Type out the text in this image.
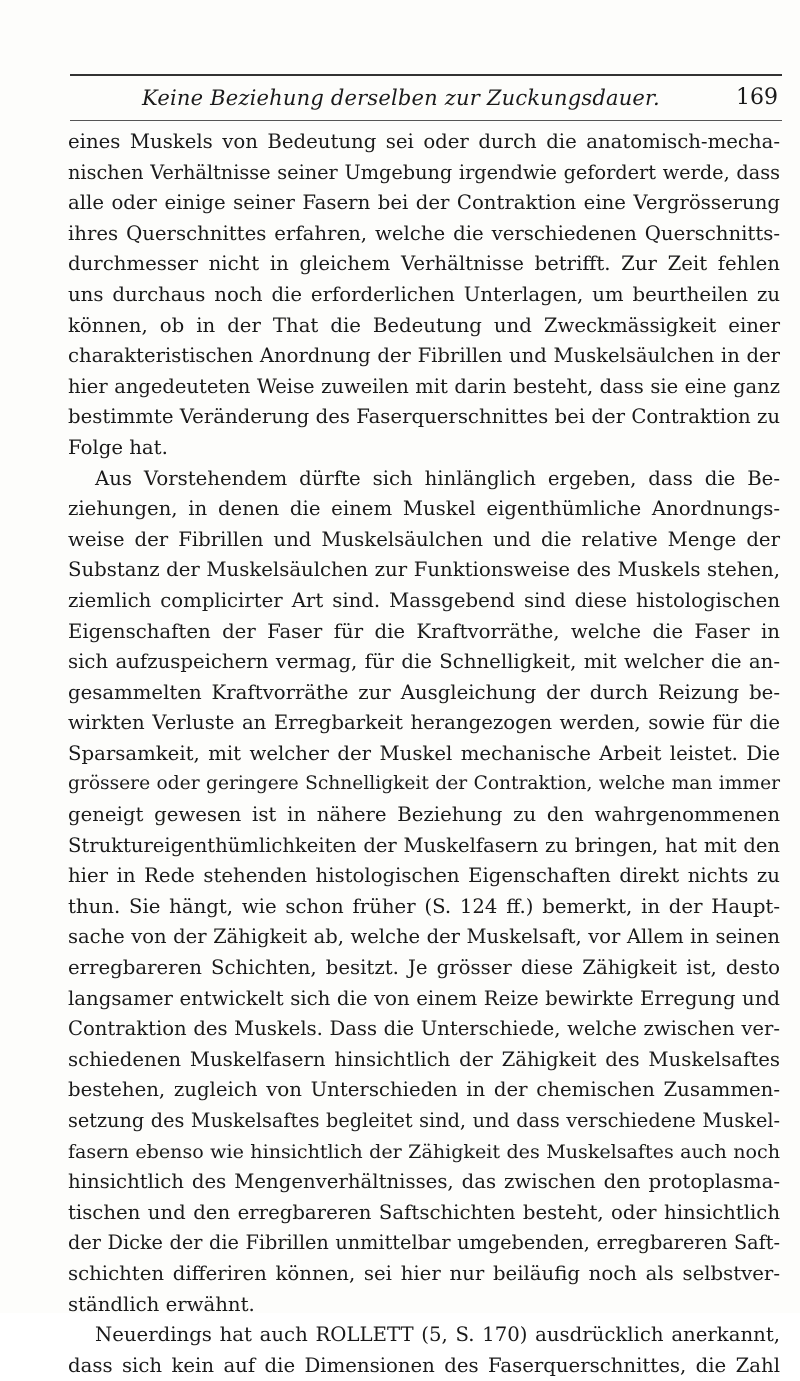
Keine Beziehung derselben zur Zuckungsdauer.	169
eines Muskels von Bedeutung sei oder durch die anatomisch-mecha-
nischen Verhältnisse seiner Umgebung irgendwie gefordert werde, dass
alle oder einige seiner Fasern bei der Contraktion eine Vergrösserung
ihres Querschnittes erfahren, welche die verschiedenen Querschnitts-
durchmesser nicht in gleichem Verhältnisse betrifft. Zur Zeit fehlen
uns durchaus noch die erforderlichen Unterlagen, um beurtheilen zu
können, ob in der That die Bedeutung und Zweckmässigkeit einer
charakteristischen Anordnung der Fibrillen und Muskelsäulchen in der
hier angedeuteten Weise zuweilen mit darin besteht, dass sie eine ganz
bestimmte Veränderung des Faserquerschnittes bei der Contraktion zu
Folge hat.
Aus Vorstehendem dürfte sich hinlänglich ergeben, dass die Be-
ziehungen, in denen die einem Muskel eigenthümliche Anordnungs-
weise der Fibrillen und Muskelsäulchen und die relative Menge der
Substanz der Muskelsäulchen zur Funktionsweise des Muskels stehen,
ziemlich complicirter Art sind. Massgebend sind diese histologischen
Eigenschaften der Faser für die Kraftvorräthe, welche die Faser in
sich aufzuspeichern vermag, für die Schnelligkeit, mit welcher die an-
gesammelten Kraftvorräthe zur Ausgleichung der durch Reizung be-
wirkten Verluste an Erregbarkeit herangezogen werden, sowie für die
Sparsamkeit, mit welcher der Muskel mechanische Arbeit leistet. Die
grössere oder geringere Schnelligkeit der Contraktion, welche man immer
geneigt gewesen ist in nähere Beziehung zu den wahrgenommenen
Struktureigenthümlichkeiten der Muskelfasern zu bringen, hat mit den
hier in Rede stehenden histologischen Eigenschaften direkt nichts zu
thun. Sie hängt, wie schon früher (S. 124 ff.) bemerkt, in der Haupt-
sache von der Zähigkeit ab, welche der Muskelsaft, vor Allem in seinen
erregbareren Schichten, besitzt. Je grösser diese Zähigkeit ist, desto
langsamer entwickelt sich die von einem Reize bewirkte Erregung und
Contraktion des Muskels. Dass die Unterschiede, welche zwischen ver-
schiedenen Muskelfasern hinsichtlich der Zähigkeit des Muskelsaftes
bestehen, zugleich von Unterschieden in der chemischen Zusammen-
setzung des Muskelsaftes begleitet sind, und dass verschiedene Muskel-
fasern ebenso wie hinsichtlich der Zähigkeit des Muskelsaftes auch noch
hinsichtlich des Mengenverhältnisses, das zwischen den protoplasma-
tischen und den erregbareren Saftschichten besteht, oder hinsichtlich
der Dicke der die Fibrillen unmittelbar umgebenden, erregbareren Saft-
schichten differiren können, sei hier nur beiläufig noch als selbstver-
ständlich erwähnt.
Neuerdings hat auch ROLLETT (5, S. 170) ausdrücklich anerkannt,
dass sich kein auf die Dimensionen des Faserquerschnittes, die Zahl
